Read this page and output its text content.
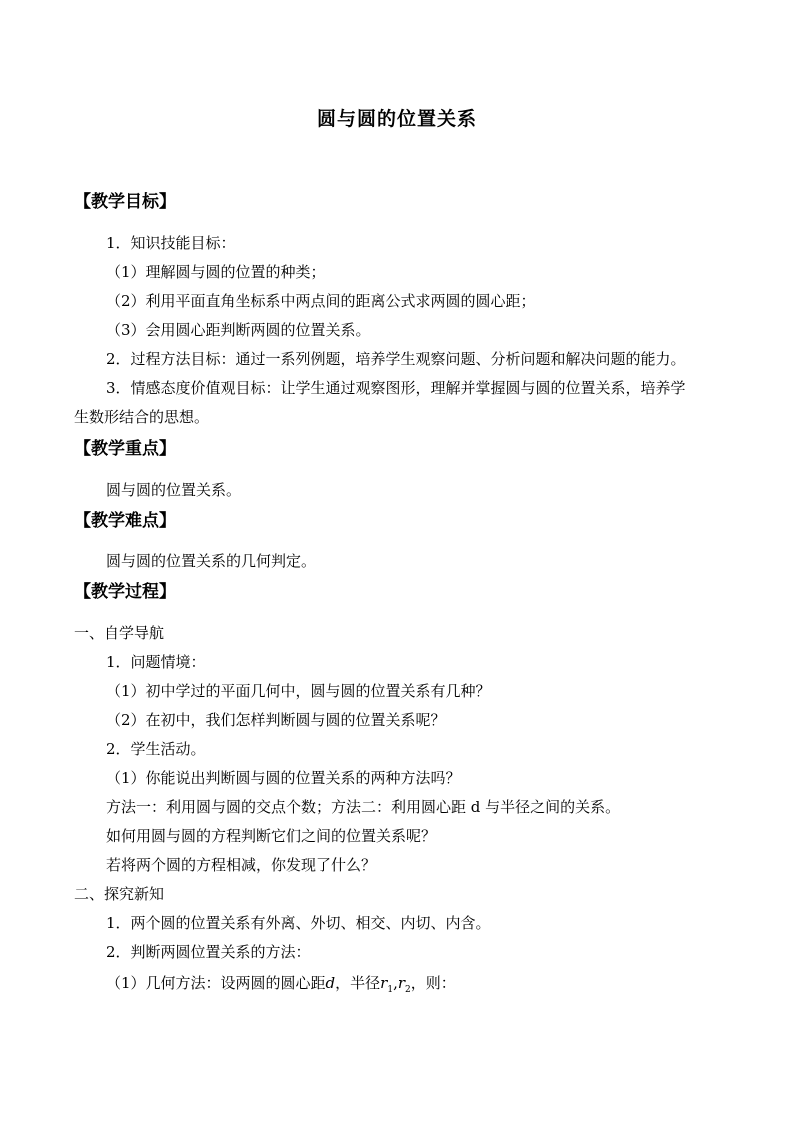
圆与圆的位置关系
【教学目标】
1．知识技能目标：
（1）理解圆与圆的位置的种类；
（2）利用平面直角坐标系中两点间的距离公式求两圆的圆心距；
（3）会用圆心距判断两圆的位置关系。
2．过程方法目标：通过一系列例题，培养学生观察问题、分析问题和解决问题的能力。
3．情感态度价值观目标：让学生通过观察图形，理解并掌握圆与圆的位置关系，培养学
生数形结合的思想。
【教学重点】
圆与圆的位置关系。
【教学难点】
圆与圆的位置关系的几何判定。
【教学过程】
一、自学导航
1．问题情境：
（1）初中学过的平面几何中，圆与圆的位置关系有几种？
（2）在初中，我们怎样判断圆与圆的位置关系呢？
2．学生活动。
（1）你能说出判断圆与圆的位置关系的两种方法吗？
方法一：利用圆与圆的交点个数；方法二：利用圆心距 d 与半径之间的关系。
如何用圆与圆的方程判断它们之间的位置关系呢？
若将两个圆的方程相减，你发现了什么？
二、探究新知
1．两个圆的位置关系有外离、外切、相交、内切、内含。
2．判断两圆位置关系的方法：
（1）几何方法：设两圆的圆心距d，半径$r_1,r_2$，则：
